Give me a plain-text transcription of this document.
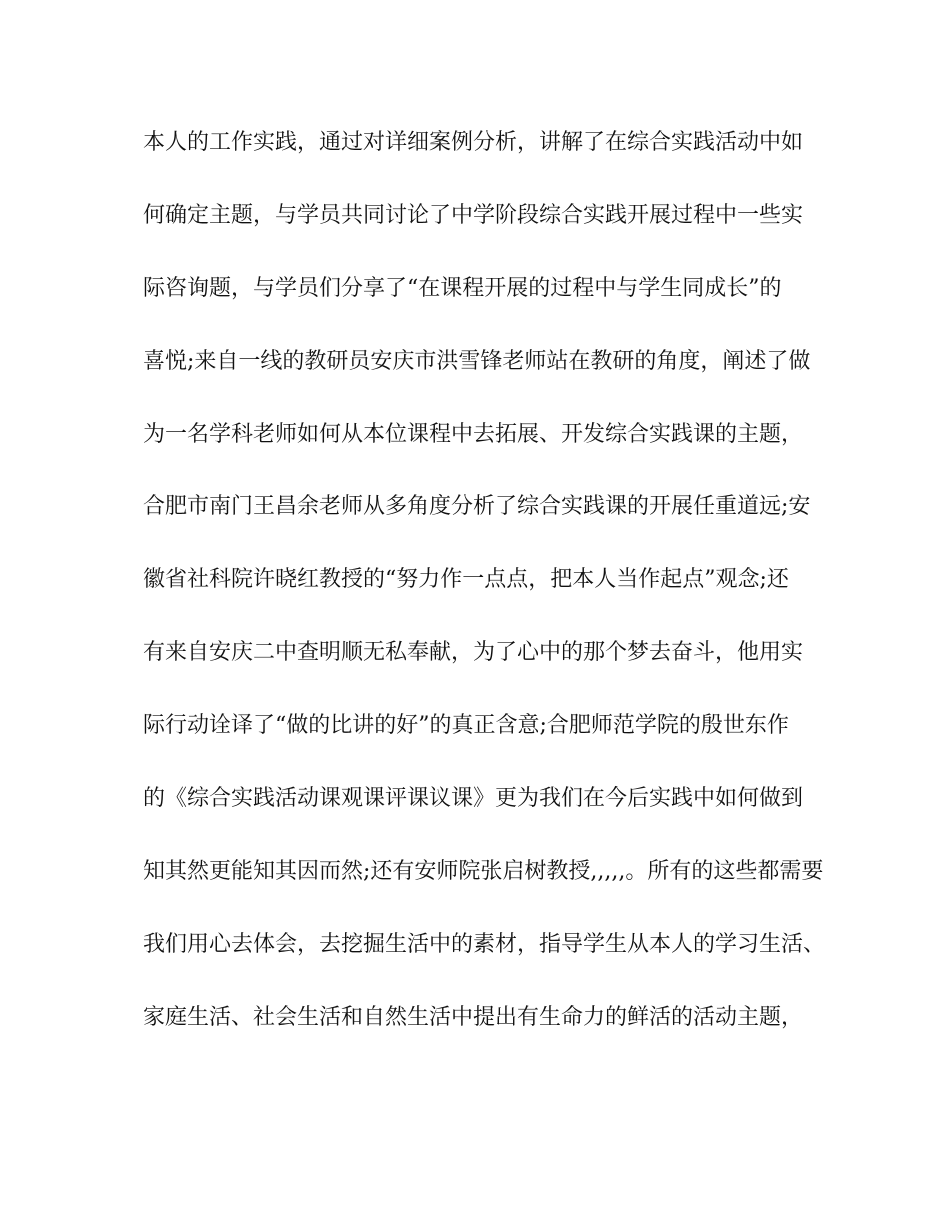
本人的工作实践，通过对详细案例分析，讲解了在综合实践活动中如
何确定主题，与学员共同讨论了中学阶段综合实践开展过程中一些实
际咨询题，与学员们分享了“在课程开展的过程中与学生同成长”的
喜悦;来自一线的教研员安庆市洪雪锋老师站在教研的角度，阐述了做
为一名学科老师如何从本位课程中去拓展、开发综合实践课的主题，
合肥市南门王昌余老师从多角度分析了综合实践课的开展任重道远;安
徽省社科院许晓红教授的“努力作一点点，把本人当作起点”观念;还
有来自安庆二中查明顺无私奉献，为了心中的那个梦去奋斗，他用实
际行动诠译了“做的比讲的好”的真正含意;合肥师范学院的殷世东作
的《综合实践活动课观课评课议课》更为我们在今后实践中如何做到
知其然更能知其因而然;还有安师院张启树教授,,,,,。所有的这些都需要
我们用心去体会，去挖掘生活中的素材，指导学生从本人的学习生活、
家庭生活、社会生活和自然生活中提出有生命力的鲜活的活动主题，
